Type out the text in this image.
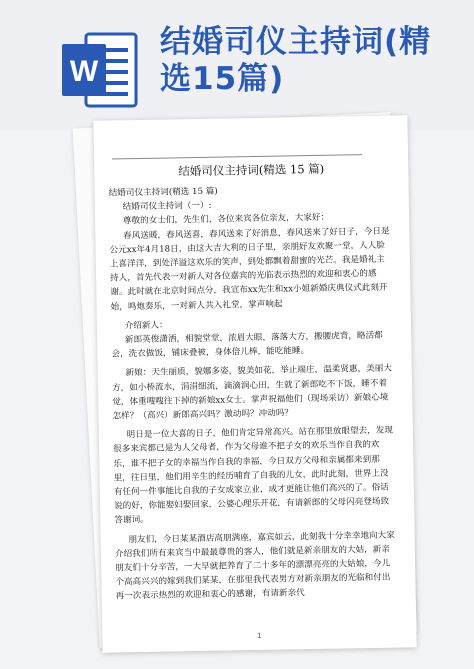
W
结婚司仪主持词(精选15篇)
结婚司仪主持词(精选 15 篇)

结婚司仪主持词(精选 15 篇)

结婚司仪主持词（一）:

尊敬的女士们，先生们，各位来宾各位亲友，大家好：

春风送暖，春风送喜，春风送来了好消息，春风送来了好日子，今日是公元xx年4月18日，由这大吉大利的日子里，亲朋好友欢聚一堂，人人脸上喜洋洋，到处洋溢这欢乐的笑声，到处都飘着甜蜜的光芒。我是婚礼主持人，首先代表一对新人对各位嘉宾的光临表示热烈的欢迎和衷心的感谢。此时就在北京时间点分，我宣布xx先生和xx小姐新婚庆典仪式此刻开始，鸣炮奏乐，一对新人共入礼堂，掌声响起

介绍新人：

新郎英俊潇洒，相貌堂堂，浓眉大眼，落落大方，搬腰虎背，略活都会，洗衣做饭，铺床叠被，身体倍儿棒，能吃能睡。

新娘：天生丽质，貌娜多姿，貌美如花，举止端庄，温柔贤惠，美丽大方，如小桥流水，涓涓细流，滴滴润心田，生就了新郎吃不下饭，睡不着觉，体重嗖嗖往下掉的新娘xx女士。掌声祝福他们（现场采访）新娘心境怎样？（高兴）新郎高兴吗？激动吗？冲动吗？

明日是一位大喜的日子，他们肯定异常高兴。站在那里放眼望去，发现很多来宾都已是为人父母者，作为父母谁不把子女的欢乐当作自我的欢乐，谁不把子女的幸福当作自我的幸福，今日双方父母和亲属都来到那里，往日里，他们用辛生的经历哺育了自我的儿女，此时此刻，世界上没有任何一件事能比自我的子女成家立业，成才更能让他们高兴的了。俗话说的好，你能娶妇娶回家，公婆心理乐开花，有请新郎的父母闪亮登场致答谢词。

朋友们，今日某某酒店高朋满座，嘉宾如云，此刻我十分幸幸地向大家介绍我们所有来宾当中最最尊贵的客人，他们就是新亲朋友的大姑，新亲朋友们十分辛苦，一大早就把养育了二十多年的漂漂亮亮的大姑娘，今儿个高高兴兴的嫁到我们某某，在那里我代表男方对新亲朋友的光临和付出再一次表示热烈的欢迎和衷心的感谢，有请新亲代

1
